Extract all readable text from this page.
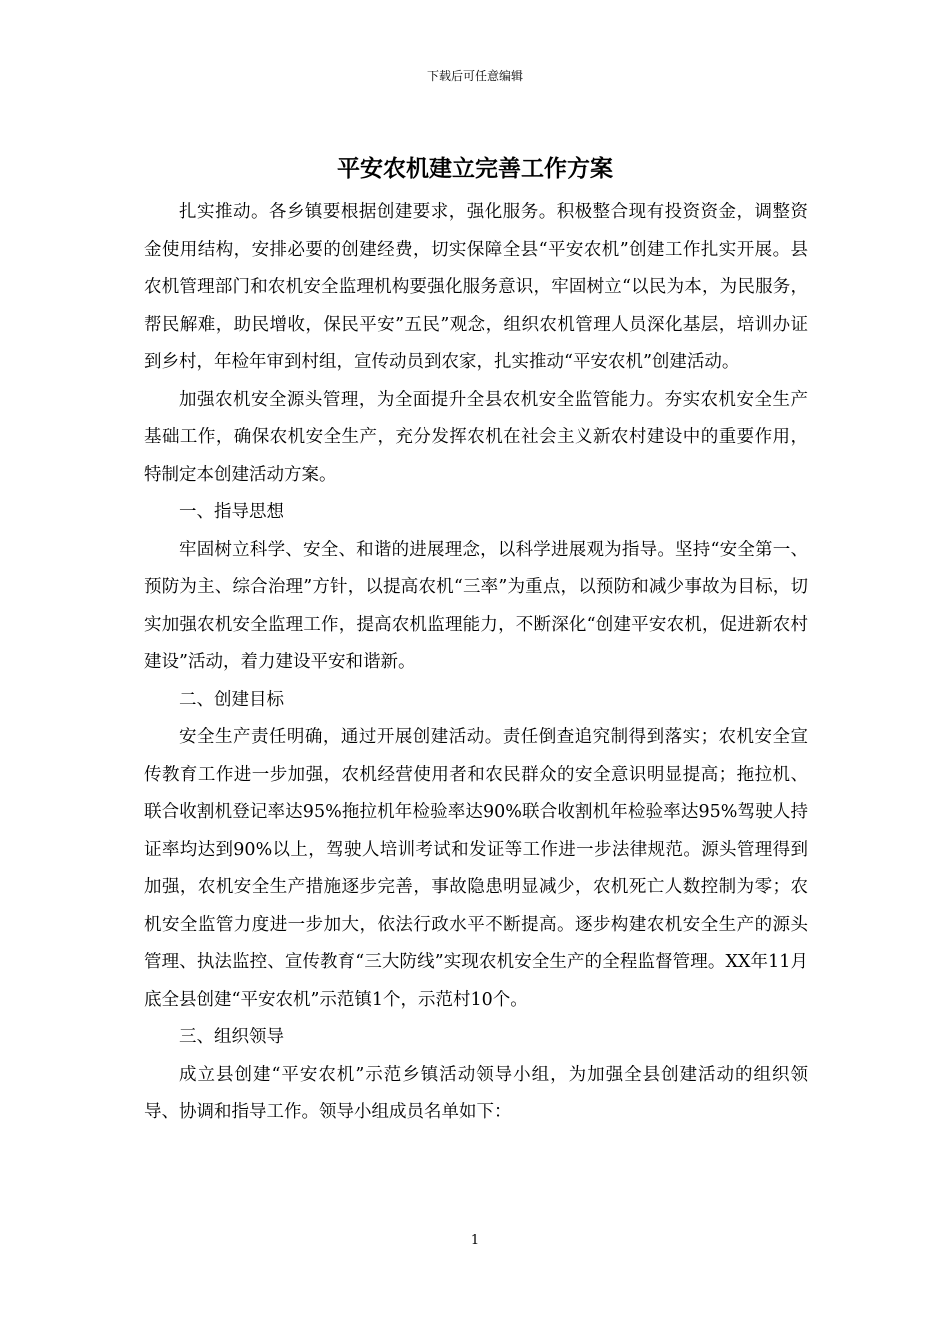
下载后可任意编辑
平安农机建立完善工作方案

扎实推动。各乡镇要根据创建要求，强化服务。积极整合现有投资资金，调整资金使用结构，安排必要的创建经费，切实保障全县“平安农机”创建工作扎实开展。县农机管理部门和农机安全监理机构要强化服务意识，牢固树立“以民为本，为民服务，帮民解难，助民增收，保民平安”五民”观念，组织农机管理人员深化基层，培训办证到乡村，年检年审到村组，宣传动员到农家，扎实推动“平安农机”创建活动。

加强农机安全源头管理，为全面提升全县农机安全监管能力。夯实农机安全生产基础工作，确保农机安全生产，充分发挥农机在社会主义新农村建设中的重要作用，特制定本创建活动方案。

一、指导思想

牢固树立科学、安全、和谐的进展理念，以科学进展观为指导。坚持“安全第一、预防为主、综合治理”方针，以提高农机“三率”为重点，以预防和减少事故为目标，切实加强农机安全监理工作，提高农机监理能力，不断深化“创建平安农机，促进新农村建设”活动，着力建设平安和谐新。

二、创建目标

安全生产责任明确，通过开展创建活动。责任倒查追究制得到落实；农机安全宣传教育工作进一步加强，农机经营使用者和农民群众的安全意识明显提高；拖拉机、联合收割机登记率达95%拖拉机年检验率达90%联合收割机年检验率达95%驾驶人持证率均达到90%以上，驾驶人培训考试和发证等工作进一步法律规范。源头管理得到加强，农机安全生产措施逐步完善，事故隐患明显减少，农机死亡人数控制为零；农机安全监管力度进一步加大，依法行政水平不断提高。逐步构建农机安全生产的源头管理、执法监控、宣传教育“三大防线”实现农机安全生产的全程监督管理。XX年11月底全县创建“平安农机”示范镇1个，示范村10个。

三、组织领导

成立县创建“平安农机”示范乡镇活动领导小组，为加强全县创建活动的组织领导、协调和指导工作。领导小组成员名单如下：

1
